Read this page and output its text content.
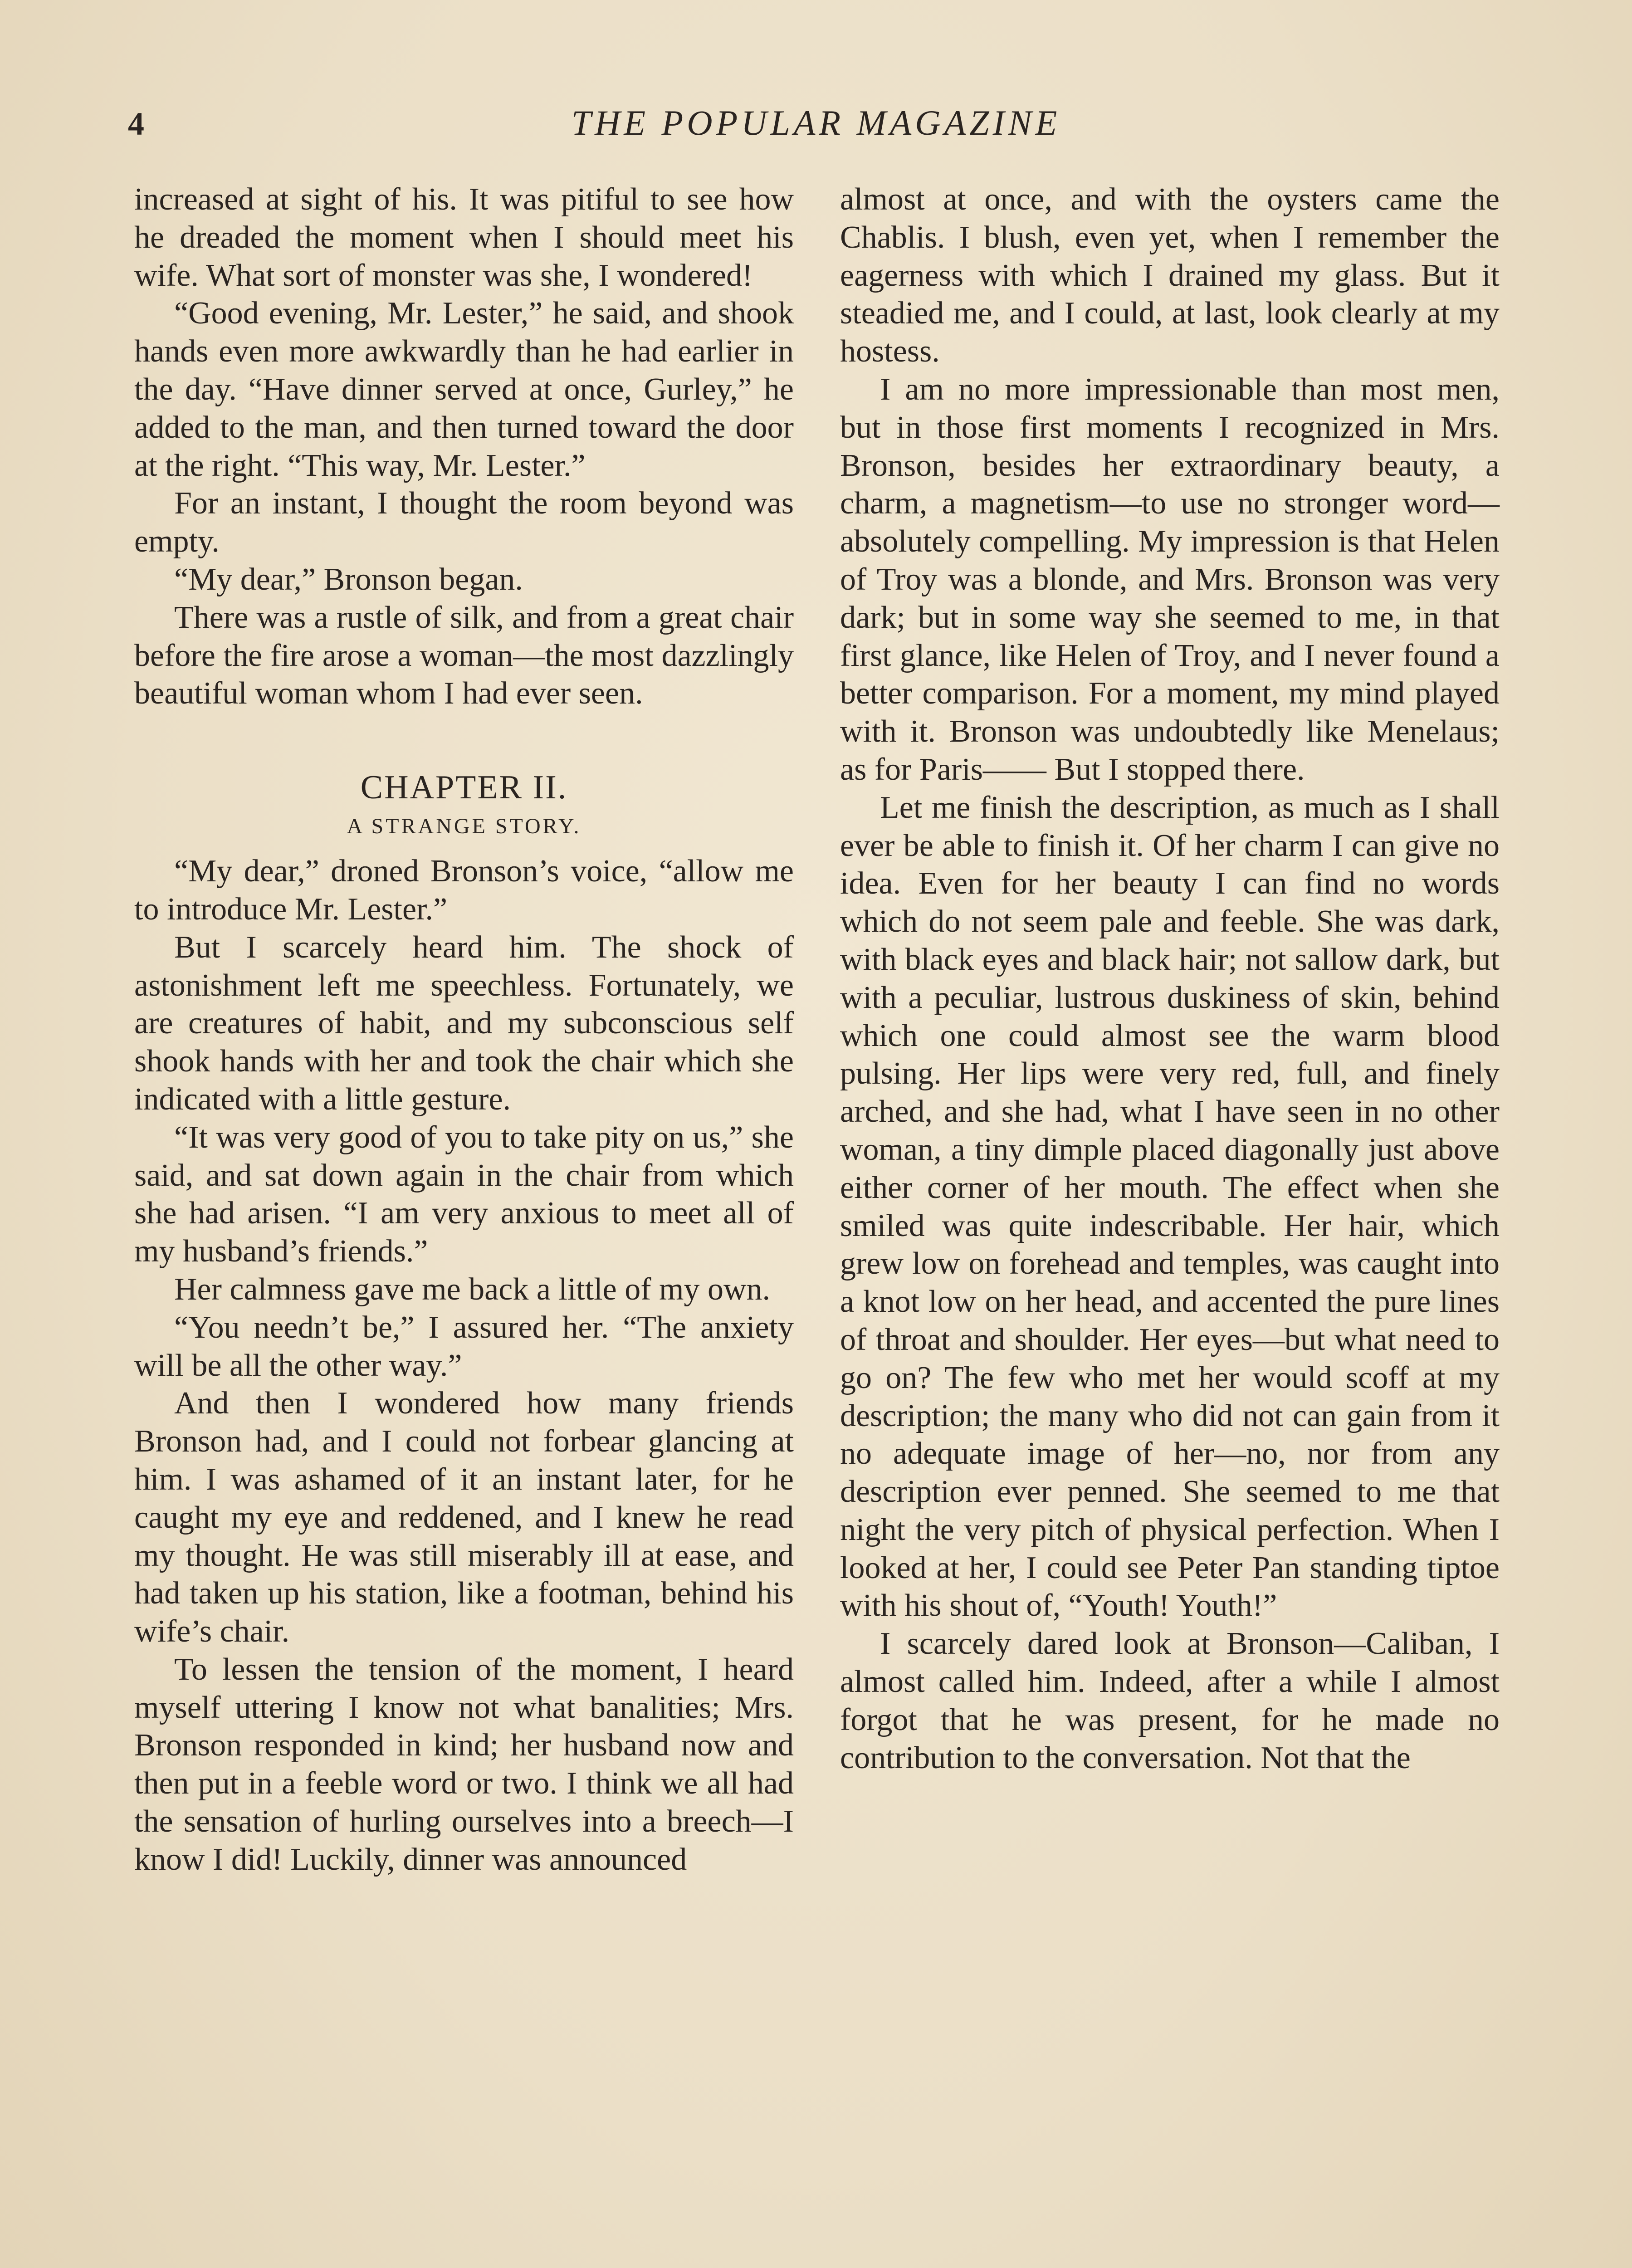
4	THE POPULAR MAGAZINE

increased at sight of his. It was pitiful to see how he dreaded the moment when I should meet his wife. What sort of monster was she, I wondered!

“Good evening, Mr. Lester,” he said, and shook hands even more awkwardly than he had earlier in the day. “Have dinner served at once, Gurley,” he added to the man, and then turned toward the door at the right. “This way, Mr. Lester.”

For an instant, I thought the room beyond was empty.

“My dear,” Bronson began.

There was a rustle of silk, and from a great chair before the fire arose a woman—the most dazzlingly beautiful woman whom I had ever seen.

CHAPTER II.
A STRANGE STORY.

“My dear,” droned Bronson’s voice, “allow me to introduce Mr. Lester.”

But I scarcely heard him. The shock of astonishment left me speechless. Fortunately, we are creatures of habit, and my subconscious self shook hands with her and took the chair which she indicated with a little gesture.

“It was very good of you to take pity on us,” she said, and sat down again in the chair from which she had arisen. “I am very anxious to meet all of my husband’s friends.”

Her calmness gave me back a little of my own.

“You needn’t be,” I assured her. “The anxiety will be all the other way.”

And then I wondered how many friends Bronson had, and I could not forbear glancing at him. I was ashamed of it an instant later, for he caught my eye and reddened, and I knew he read my thought. He was still miserably ill at ease, and had taken up his station, like a footman, behind his wife’s chair.

To lessen the tension of the moment, I heard myself uttering I know not what banalities; Mrs. Bronson responded in kind; her husband now and then put in a feeble word or two. I think we all had the sensation of hurling ourselves into a breech—I know I did! Luckily, dinner was announced

almost at once, and with the oysters came the Chablis. I blush, even yet, when I remember the eagerness with which I drained my glass. But it steadied me, and I could, at last, look clearly at my hostess.

I am no more impressionable than most men, but in those first moments I recognized in Mrs. Bronson, besides her extraordinary beauty, a charm, a magnetism—to use no stronger word—absolutely compelling. My impression is that Helen of Troy was a blonde, and Mrs. Bronson was very dark; but in some way she seemed to me, in that first glance, like Helen of Troy, and I never found a better comparison. For a moment, my mind played with it. Bronson was undoubtedly like Menelaus; as for Paris—— But I stopped there.

Let me finish the description, as much as I shall ever be able to finish it. Of her charm I can give no idea. Even for her beauty I can find no words which do not seem pale and feeble. She was dark, with black eyes and black hair; not sallow dark, but with a peculiar, lustrous duskiness of skin, behind which one could almost see the warm blood pulsing. Her lips were very red, full, and finely arched, and she had, what I have seen in no other woman, a tiny dimple placed diagonally just above either corner of her mouth. The effect when she smiled was quite indescribable. Her hair, which grew low on forehead and temples, was caught into a knot low on her head, and accented the pure lines of throat and shoulder. Her eyes—but what need to go on? The few who met her would scoff at my description; the many who did not can gain from it no adequate image of her—no, nor from any description ever penned. She seemed to me that night the very pitch of physical perfection. When I looked at her, I could see Peter Pan standing tiptoe with his shout of, “Youth! Youth!”

I scarcely dared look at Bronson—Caliban, I almost called him. Indeed, after a while I almost forgot that he was present, for he made no contribution to the conversation. Not that the
